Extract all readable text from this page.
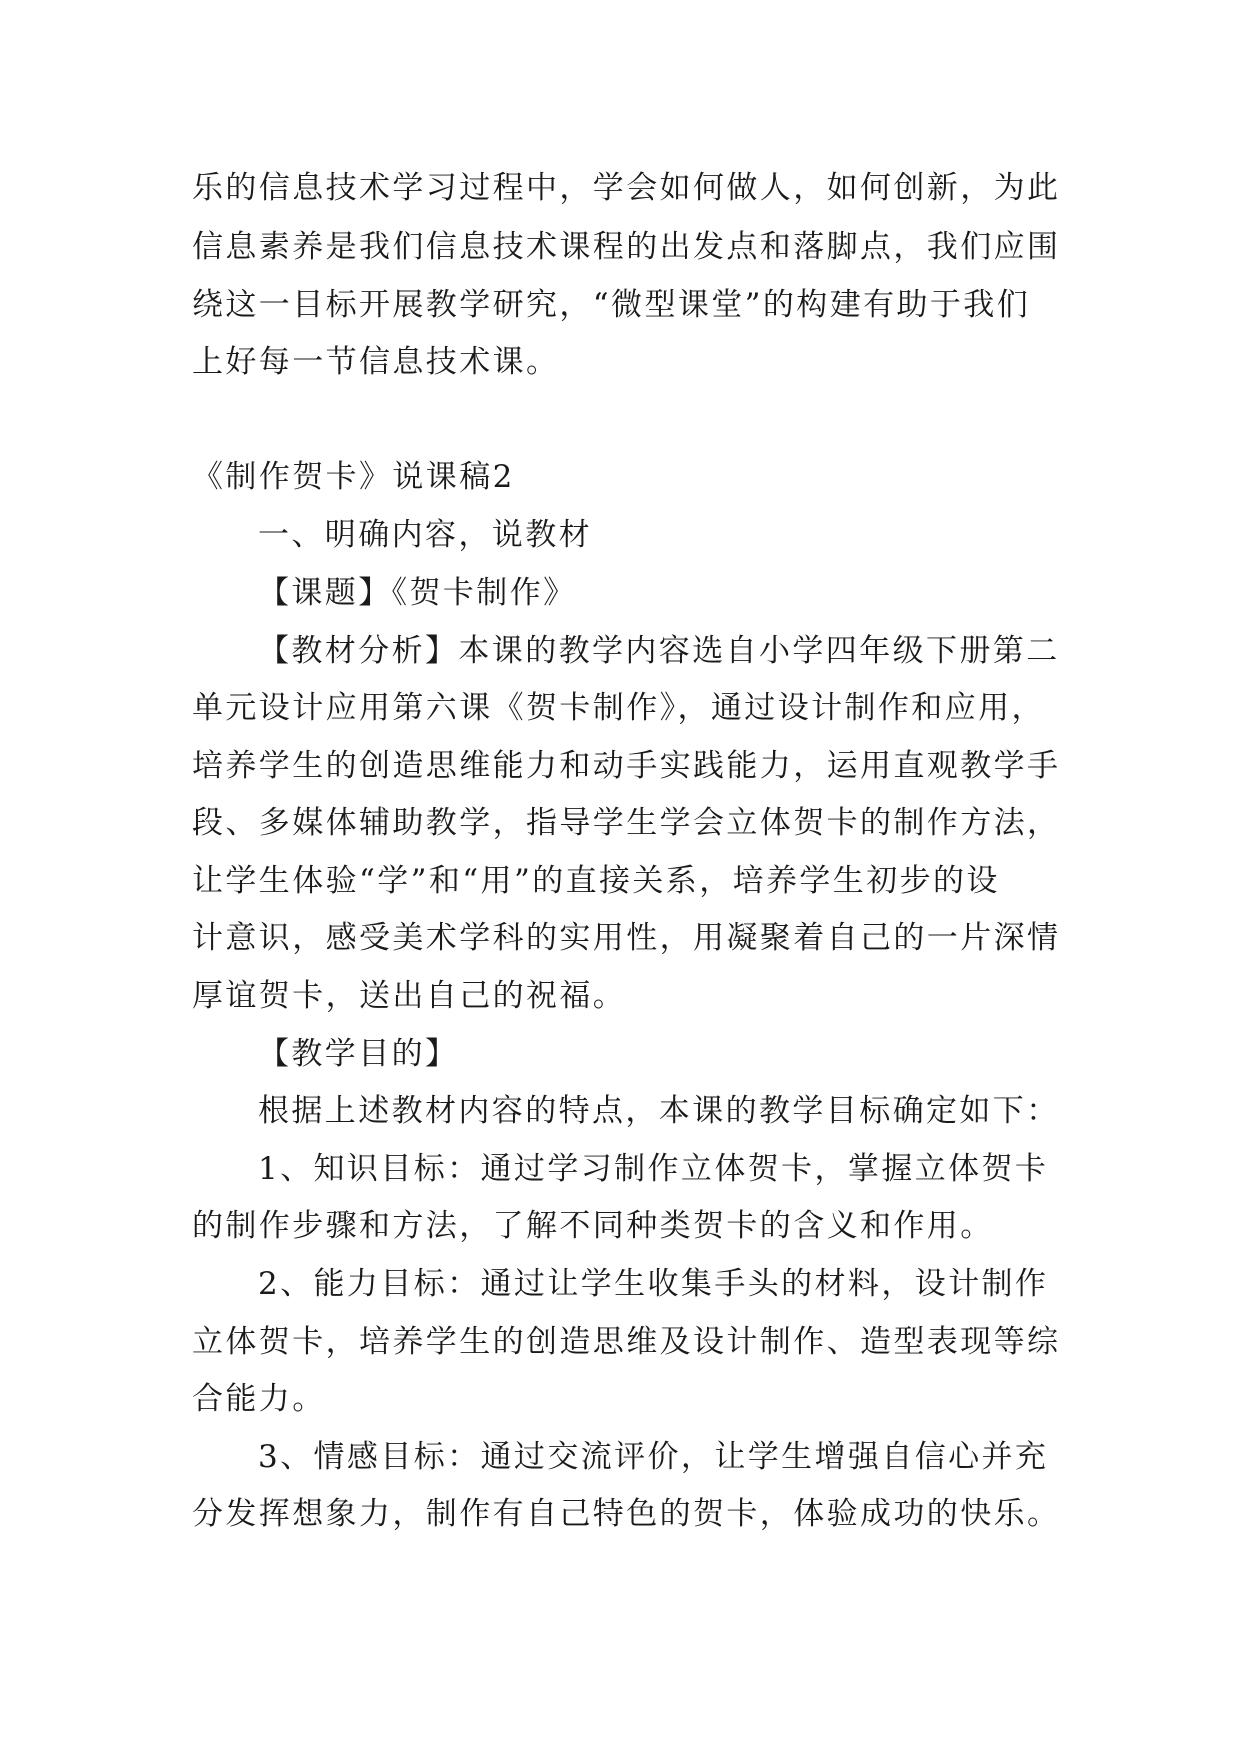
乐的信息技术学习过程中，学会如何做人，如何创新，为此
信息素养是我们信息技术课程的出发点和落脚点，我们应围
绕这一目标开展教学研究，“微型课堂”的构建有助于我们
上好每一节信息技术课。
《制作贺卡》说课稿2
一、明确内容，说教材
【课题】《贺卡制作》
【教材分析】本课的教学内容选自小学四年级下册第二
单元设计应用第六课《贺卡制作》，通过设计制作和应用，
培养学生的创造思维能力和动手实践能力，运用直观教学手
段、多媒体辅助教学，指导学生学会立体贺卡的制作方法，
让学生体验“学”和“用”的直接关系，培养学生初步的设
计意识，感受美术学科的实用性，用凝聚着自己的一片深情
厚谊贺卡，送出自己的祝福。
【教学目的】
根据上述教材内容的特点，本课的教学目标确定如下：
1、知识目标：通过学习制作立体贺卡，掌握立体贺卡
的制作步骤和方法，了解不同种类贺卡的含义和作用。
2、能力目标：通过让学生收集手头的材料，设计制作
立体贺卡，培养学生的创造思维及设计制作、造型表现等综
合能力。
3、情感目标：通过交流评价，让学生增强自信心并充
分发挥想象力，制作有自己特色的贺卡，体验成功的快乐。
